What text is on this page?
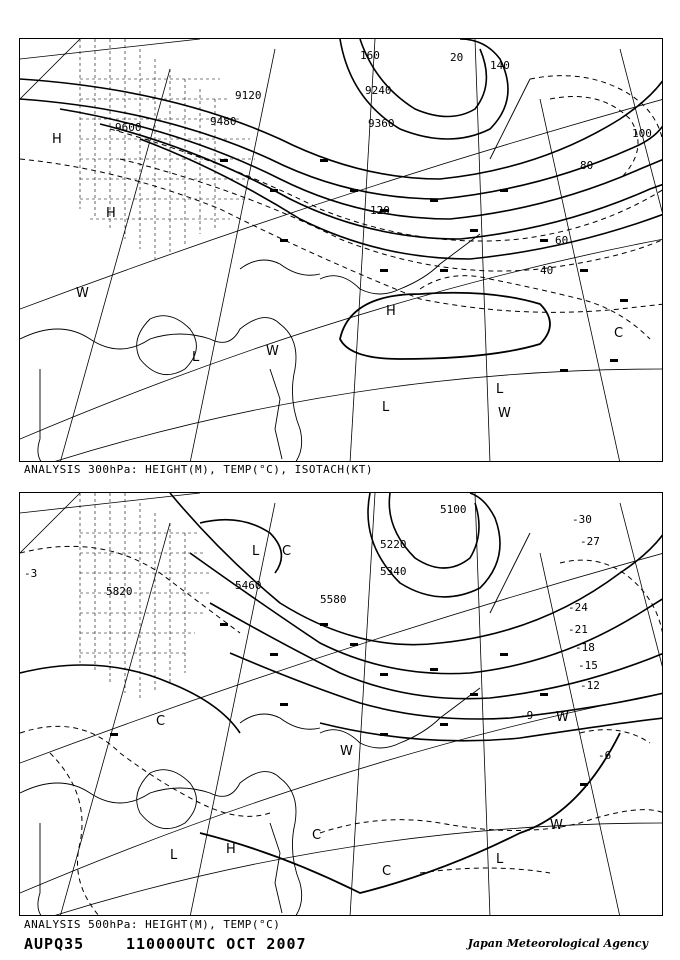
9600	9480
9120	9240
9360
20
40
60
80
100
120
140
160
H
H
H
L
L
L
W
W
W
C
ANALYSIS 300hPa: HEIGHT(M), TEMP(°C), ISOTACH(KT)
5100
5220
5340
5460
5580
5820
-30
-27
-24
-21
-18
-15
-12
-9
-6
-3
L C
C
C
H
W
W
W
L	L
C
ANALYSIS 500hPa: HEIGHT(M), TEMP(°C)
AUPQ35	110000UTC OCT 2007	Japan Meteorological Agency
